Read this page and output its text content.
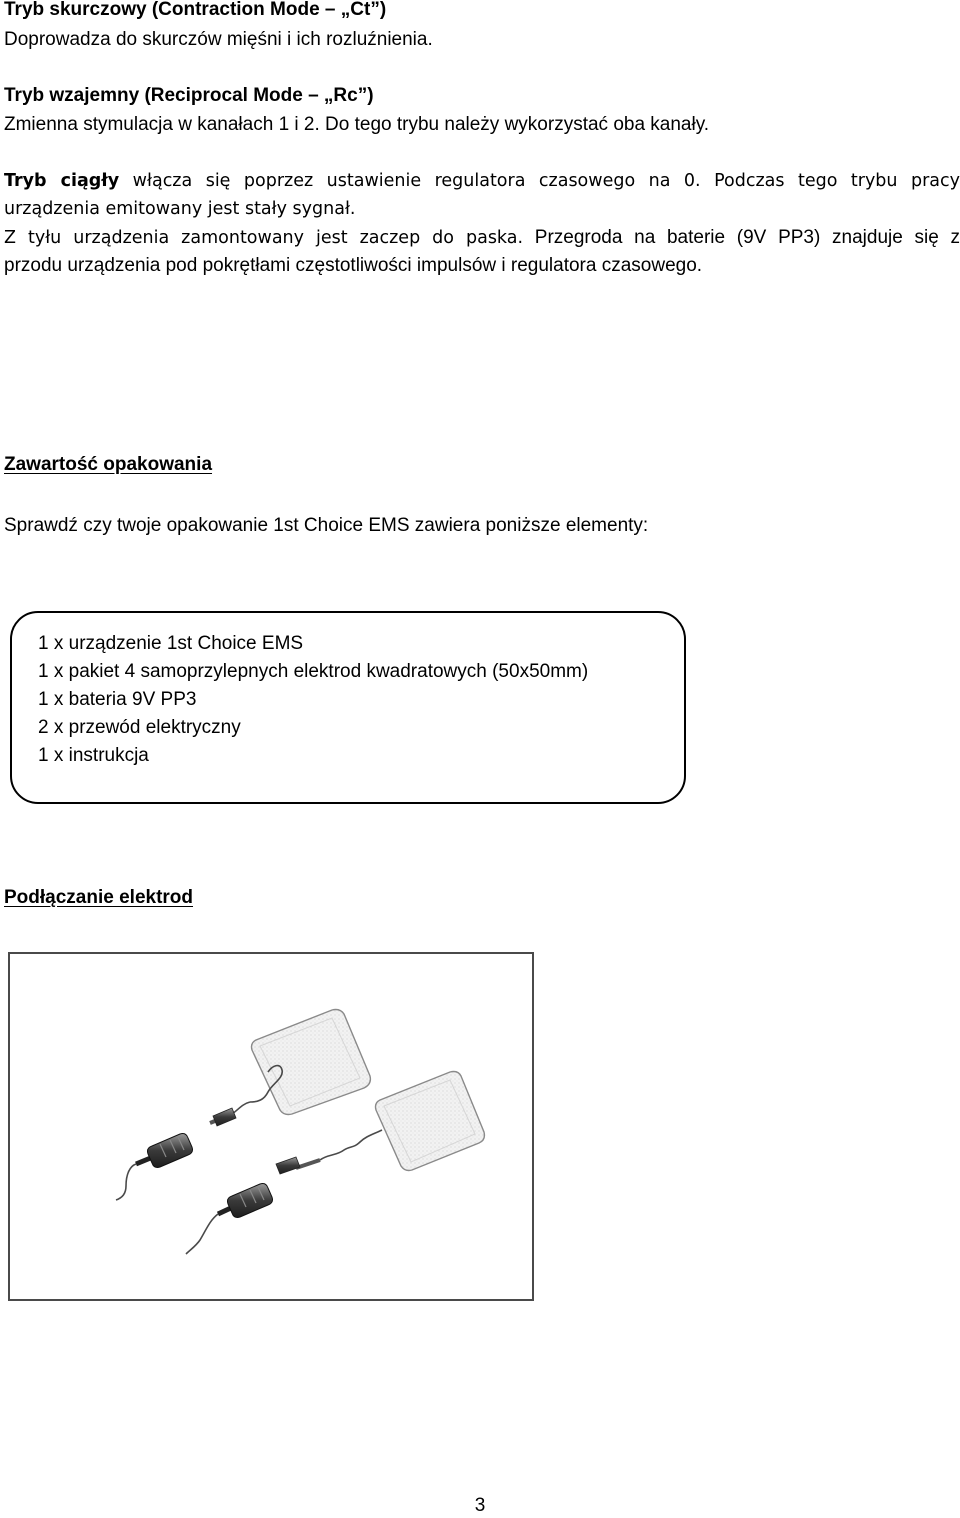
Tryb skurczowy (Contraction Mode – „Ct”)
Doprowadza do skurczów mięśni i ich rozluźnienia.
Tryb wzajemny (Reciprocal Mode – „Rc”)
Zmienna stymulacja w kanałach 1 i 2. Do tego trybu należy wykorzystać oba kanały.
Tryb ciągły włącza się poprzez ustawienie regulatora czasowego na 0. Podczas tego trybu pracy
urządzenia emitowany jest stały sygnał.
Z tyłu urządzenia zamontowany jest zaczep do paska. Przegroda na baterie (9V PP3) znajduje się z
przodu urządzenia pod pokrętłami częstotliwości impulsów i regulatora czasowego.
Zawartość opakowania
Sprawdź czy twoje opakowanie 1st Choice EMS zawiera poniższe elementy:
1 x urządzenie 1st Choice EMS
1 x pakiet 4 samoprzylepnych elektrod kwadratowych (50x50mm)
1 x bateria 9V PP3
2 x przewód elektryczny
1 x instrukcja
Podłączanie elektrod
3
